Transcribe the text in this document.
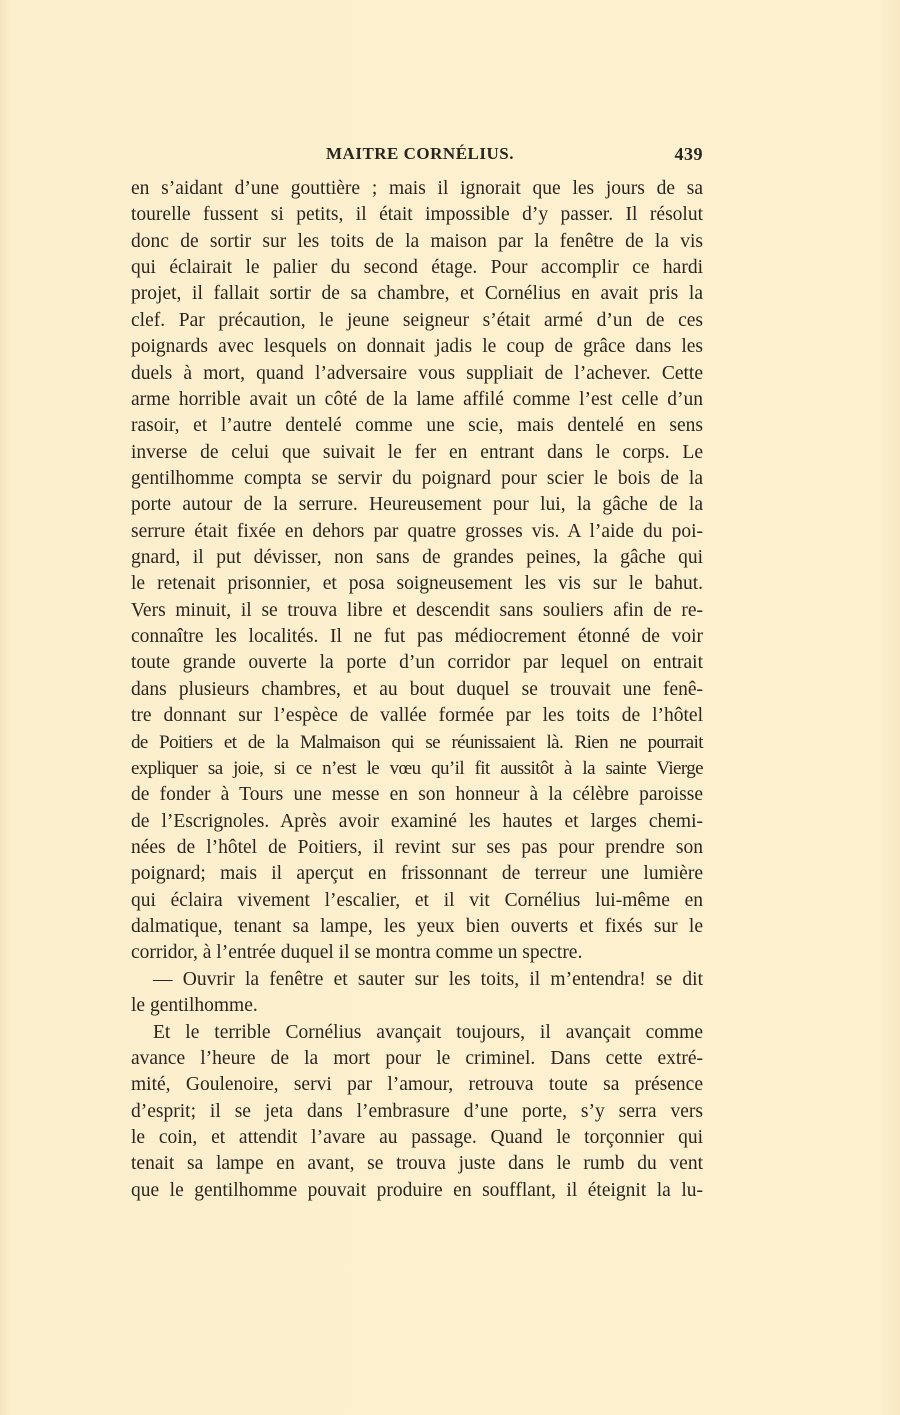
MAITRE CORNÉLIUS.	439
en s’aidant d’une gouttière ; mais il ignorait que les jours de sa
tourelle fussent si petits, il était impossible d’y passer. Il résolut
donc de sortir sur les toits de la maison par la fenêtre de la vis
qui éclairait le palier du second étage. Pour accomplir ce hardi
projet, il fallait sortir de sa chambre, et Cornélius en avait pris la
clef. Par précaution, le jeune seigneur s’était armé d’un de ces
poignards avec lesquels on donnait jadis le coup de grâce dans les
duels à mort, quand l’adversaire vous suppliait de l’achever. Cette
arme horrible avait un côté de la lame affilé comme l’est celle d’un
rasoir, et l’autre dentelé comme une scie, mais dentelé en sens
inverse de celui que suivait le fer en entrant dans le corps. Le
gentilhomme compta se servir du poignard pour scier le bois de la
porte autour de la serrure. Heureusement pour lui, la gâche de la
serrure était fixée en dehors par quatre grosses vis. A l’aide du poi-
gnard, il put dévisser, non sans de grandes peines, la gâche qui
le retenait prisonnier, et posa soigneusement les vis sur le bahut.
Vers minuit, il se trouva libre et descendit sans souliers afin de re-
connaître les localités. Il ne fut pas médiocrement étonné de voir
toute grande ouverte la porte d’un corridor par lequel on entrait
dans plusieurs chambres, et au bout duquel se trouvait une fenê-
tre donnant sur l’espèce de vallée formée par les toits de l’hôtel
de Poitiers et de la Malmaison qui se réunissaient là. Rien ne pourrait
expliquer sa joie, si ce n’est le vœu qu’il fit aussitôt à la sainte Vierge
de fonder à Tours une messe en son honneur à la célèbre paroisse
de l’Escrignoles. Après avoir examiné les hautes et larges chemi-
nées de l’hôtel de Poitiers, il revint sur ses pas pour prendre son
poignard; mais il aperçut en frissonnant de terreur une lumière
qui éclaira vivement l’escalier, et il vit Cornélius lui-même en
dalmatique, tenant sa lampe, les yeux bien ouverts et fixés sur le
corridor, à l’entrée duquel il se montra comme un spectre.
— Ouvrir la fenêtre et sauter sur les toits, il m’entendra! se dit
le gentilhomme.
Et le terrible Cornélius avançait toujours, il avançait comme
avance l’heure de la mort pour le criminel. Dans cette extré-
mité, Goulenoire, servi par l’amour, retrouva toute sa présence
d’esprit; il se jeta dans l’embrasure d’une porte, s’y serra vers
le coin, et attendit l’avare au passage. Quand le torçonnier qui
tenait sa lampe en avant, se trouva juste dans le rumb du vent
que le gentilhomme pouvait produire en soufflant, il éteignit la lu-
